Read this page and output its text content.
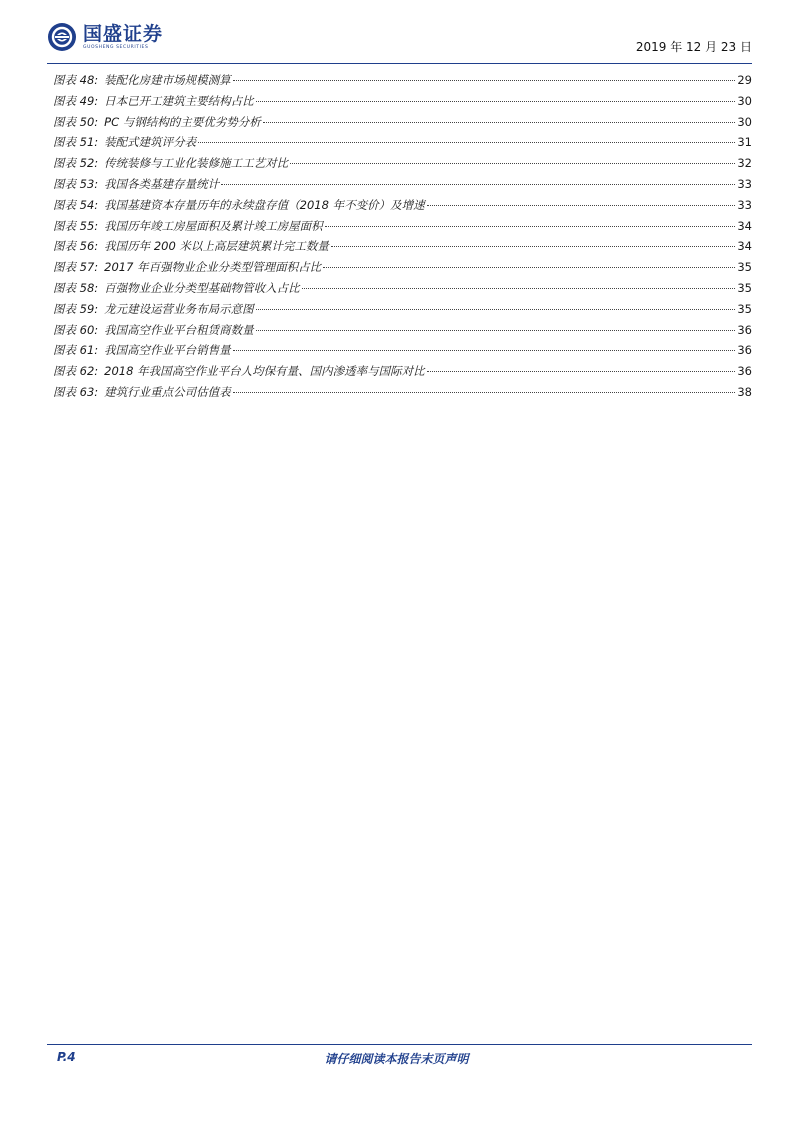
国盛证券
GUOSHENG SECURITIES	2019 年 12 月 23 日
图表 48: 装配化房建市场规模测算	29
图表 49: 日本已开工建筑主要结构占比	30
图表 50: PC 与钢结构的主要优劣势分析	30
图表 51: 装配式建筑评分表	31
图表 52: 传统装修与工业化装修施工工艺对比	32
图表 53: 我国各类基建存量统计	33
图表 54: 我国基建资本存量历年的永续盘存值（2018 年不变价）及增速	33
图表 55: 我国历年竣工房屋面积及累计竣工房屋面积	34
图表 56: 我国历年 200 米以上高层建筑累计完工数量	34
图表 57: 2017 年百强物业企业分类型管理面积占比	35
图表 58: 百强物业企业分类型基础物管收入占比	35
图表 59: 龙元建设运营业务布局示意图	35
图表 60: 我国高空作业平台租赁商数量	36
图表 61: 我国高空作业平台销售量	36
图表 62: 2018 年我国高空作业平台人均保有量、国内渗透率与国际对比	36
图表 63: 建筑行业重点公司估值表	38
P.4	请仔细阅读本报告末页声明
